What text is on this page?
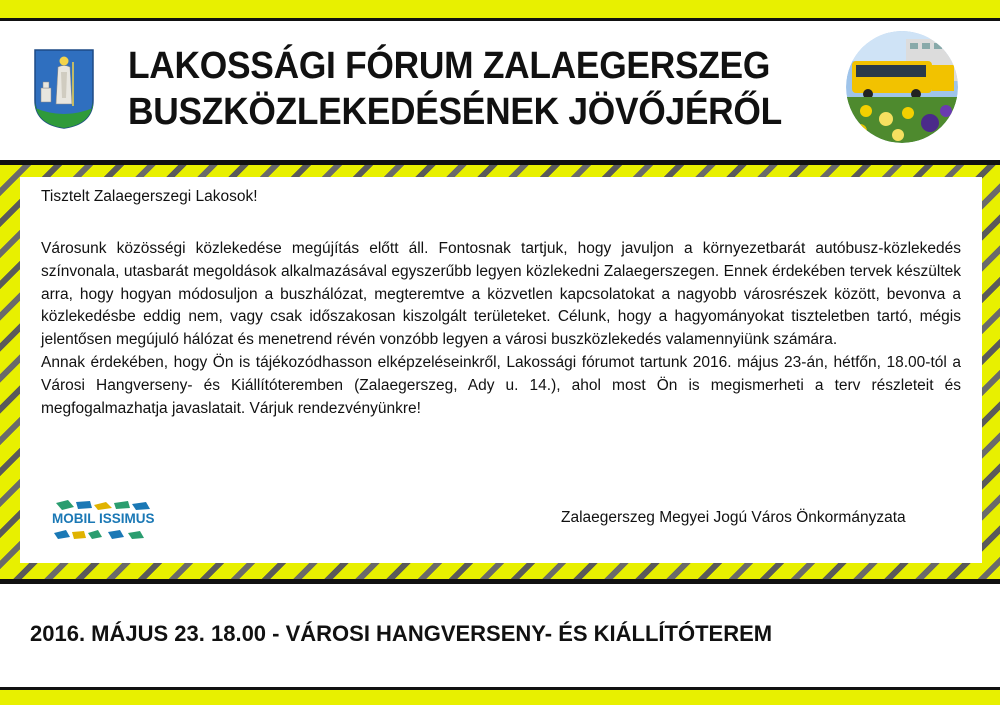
LAKOSSÁGI FÓRUM ZALAEGERSZEG
BUSZKÖZLEKEDÉSÉNEK JÖVŐJÉRŐL
Tisztelt Zalaegerszegi Lakosok!

Városunk közösségi közlekedése megújítás előtt áll. Fontosnak tartjuk, hogy javuljon a környezetbarát autóbusz-közlekedés színvonala, utasbarát megoldások alkalmazásával egyszerűbb legyen közlekedni Zalaegerszegen. Ennek érdekében tervek készültek arra, hogy hogyan módosuljon a buszhálózat, megteremtve a közvetlen kapcsolatokat a nagyobb városrészek között, bevonva a közlekedésbe eddig nem, vagy csak időszakosan kiszolgált területeket. Célunk, hogy a hagyományokat tiszteletben tartó, mégis jelentősen megújuló hálózat és menetrend révén vonzóbb legyen a városi buszközlekedés valamennyiünk számára.

Annak érdekében, hogy Ön is tájékozódhasson elképzeléseinkről, Lakossági fórumot tartunk 2016. május 23-án, hétfőn, 18.00-tól a Városi Hangverseny- és Kiállítóteremben (Zalaegerszeg, Ady u. 14.), ahol most Ön is megismerheti a terv részleteit és megfogalmazhatja javaslatait. Várjuk rendezvényünkre!

MOBIL ISSIMUS	Zalaegerszeg Megyei Jogú Város Önkormányzata
2016. MÁJUS 23. 18.00 - VÁROSI HANGVERSENY- ÉS KIÁLLÍTÓTEREM
